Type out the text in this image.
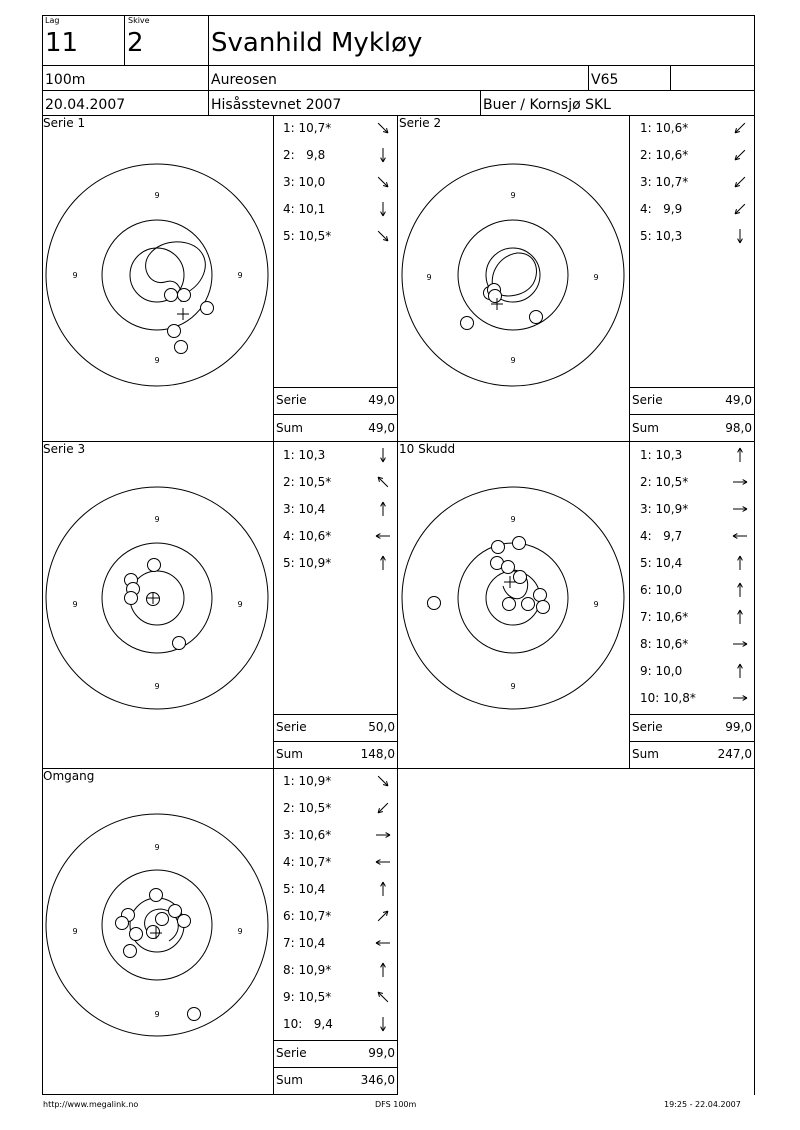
Lag
11
Skive
2	Svanhild Mykløy
100m	Aureosen	V65
20.04.2007	Hisåsstevnet 2007	Buer / Kornsjø SKL
Serie 1	Serie 2
Serie 3	10 Skudd
Omgang
1: 10,7*
2:   9,8
3: 10,0
4: 10,1
5: 10,5*
1: 10,6*
2: 10,6*
3: 10,7*
4:   9,9
5: 10,3
1: 10,3
2: 10,5*
3: 10,4
4: 10,6*
5: 10,9*
1: 10,3
2: 10,5*
3: 10,9*
4:   9,7
5: 10,4
6: 10,0
7: 10,6*
8: 10,6*
9: 10,0
10: 10,8*
1: 10,9*
2: 10,5*
3: 10,6*
4: 10,7*
5: 10,4
6: 10,7*
7: 10,4
8: 10,9*
9: 10,5*
10:   9,4
Serie	49,0
Sum	49,0
Serie	49,0
Sum	98,0
Serie	50,0
Sum	148,0
Serie	99,0
Sum	247,0
Serie	99,0
Sum	346,0
9
9
9	9
9
9
9	9
9
9
9	9
9
9
9
9
9
9	9
http://www.megalink.no	DFS 100m	19:25 - 22.04.2007
